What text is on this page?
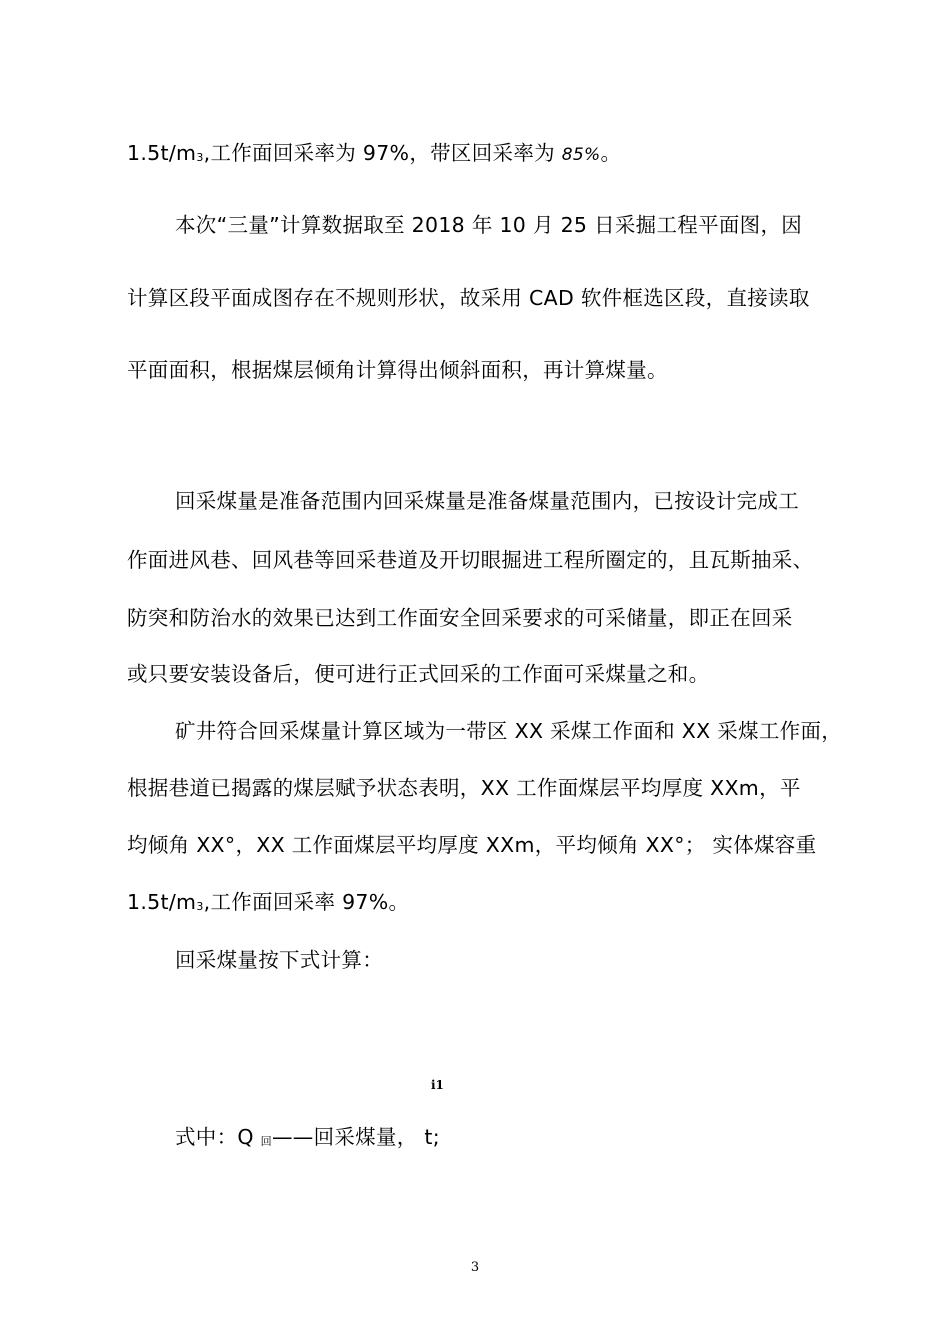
1.5t/m3,工作面回采率为 97%，带区回采率为 85%。
本次“三量”计算数据取至 2018 年 10 月 25 日采掘工程平面图，因
计算区段平面成图存在不规则形状，故采用 CAD 软件框选区段，直接读取
平面面积，根据煤层倾角计算得出倾斜面积，再计算煤量。
回采煤量是准备范围内回采煤量是准备煤量范围内，已按设计完成工
作面进风巷、回风巷等回采巷道及开切眼掘进工程所圈定的，且瓦斯抽采、
防突和防治水的效果已达到工作面安全回采要求的可采储量，即正在回采
或只要安装设备后，便可进行正式回采的工作面可采煤量之和。
矿井符合回采煤量计算区域为一带区 XX 采煤工作面和 XX 采煤工作面，
根据巷道已揭露的煤层赋予状态表明，XX 工作面煤层平均厚度 XXm，平
均倾角 XX°，XX 工作面煤层平均厚度 XXm，平均倾角 XX°； 实体煤容重
1.5t/m3,工作面回采率 97%。
回采煤量按下式计算：
i1
式中：Q 回——回采煤量， t;
3
